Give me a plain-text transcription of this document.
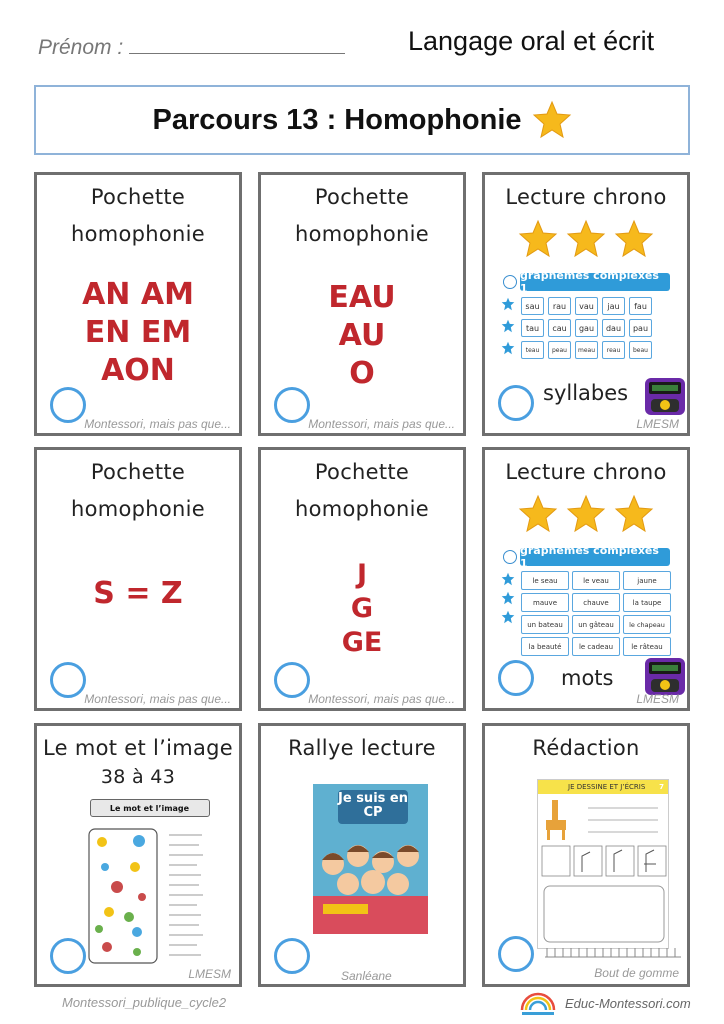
Prénom :	Langage oral et écrit
Parcours 13 : Homophonie
Pochette
homophonie
AN AM
EN EM
AON
Montessori, mais pas que...
Pochette
homophonie
EAU
AU
O
Montessori, mais pas que...
Lecture chrono
graphèmes complexes 1
sau	rau	vau	jau	fau
tau	cau	gau	dau	pau
teau	peau	meau	reau	beau
syllabes
LMESM
Pochette
homophonie
S = Z
Montessori, mais pas que...
Pochette
homophonie
J
G
GE
Montessori, mais pas que...
Lecture chrono
graphèmes complexes 1
le seau	le veau	jaune
mauve	chauve	la taupe
un bateau	un gâteau	le chapeau
la beauté	le cadeau	le râteau
mots
LMESM
Le mot et l’image
38 à 43
Le mot et l’image
LMESM
Rallye lecture
Je suis en CP
Sanléane
Rédaction
JE DESSINE ET J’ÉCRIS 7
Bout de gomme
Montessori_publique_cycle2	Educ-Montessori.com
